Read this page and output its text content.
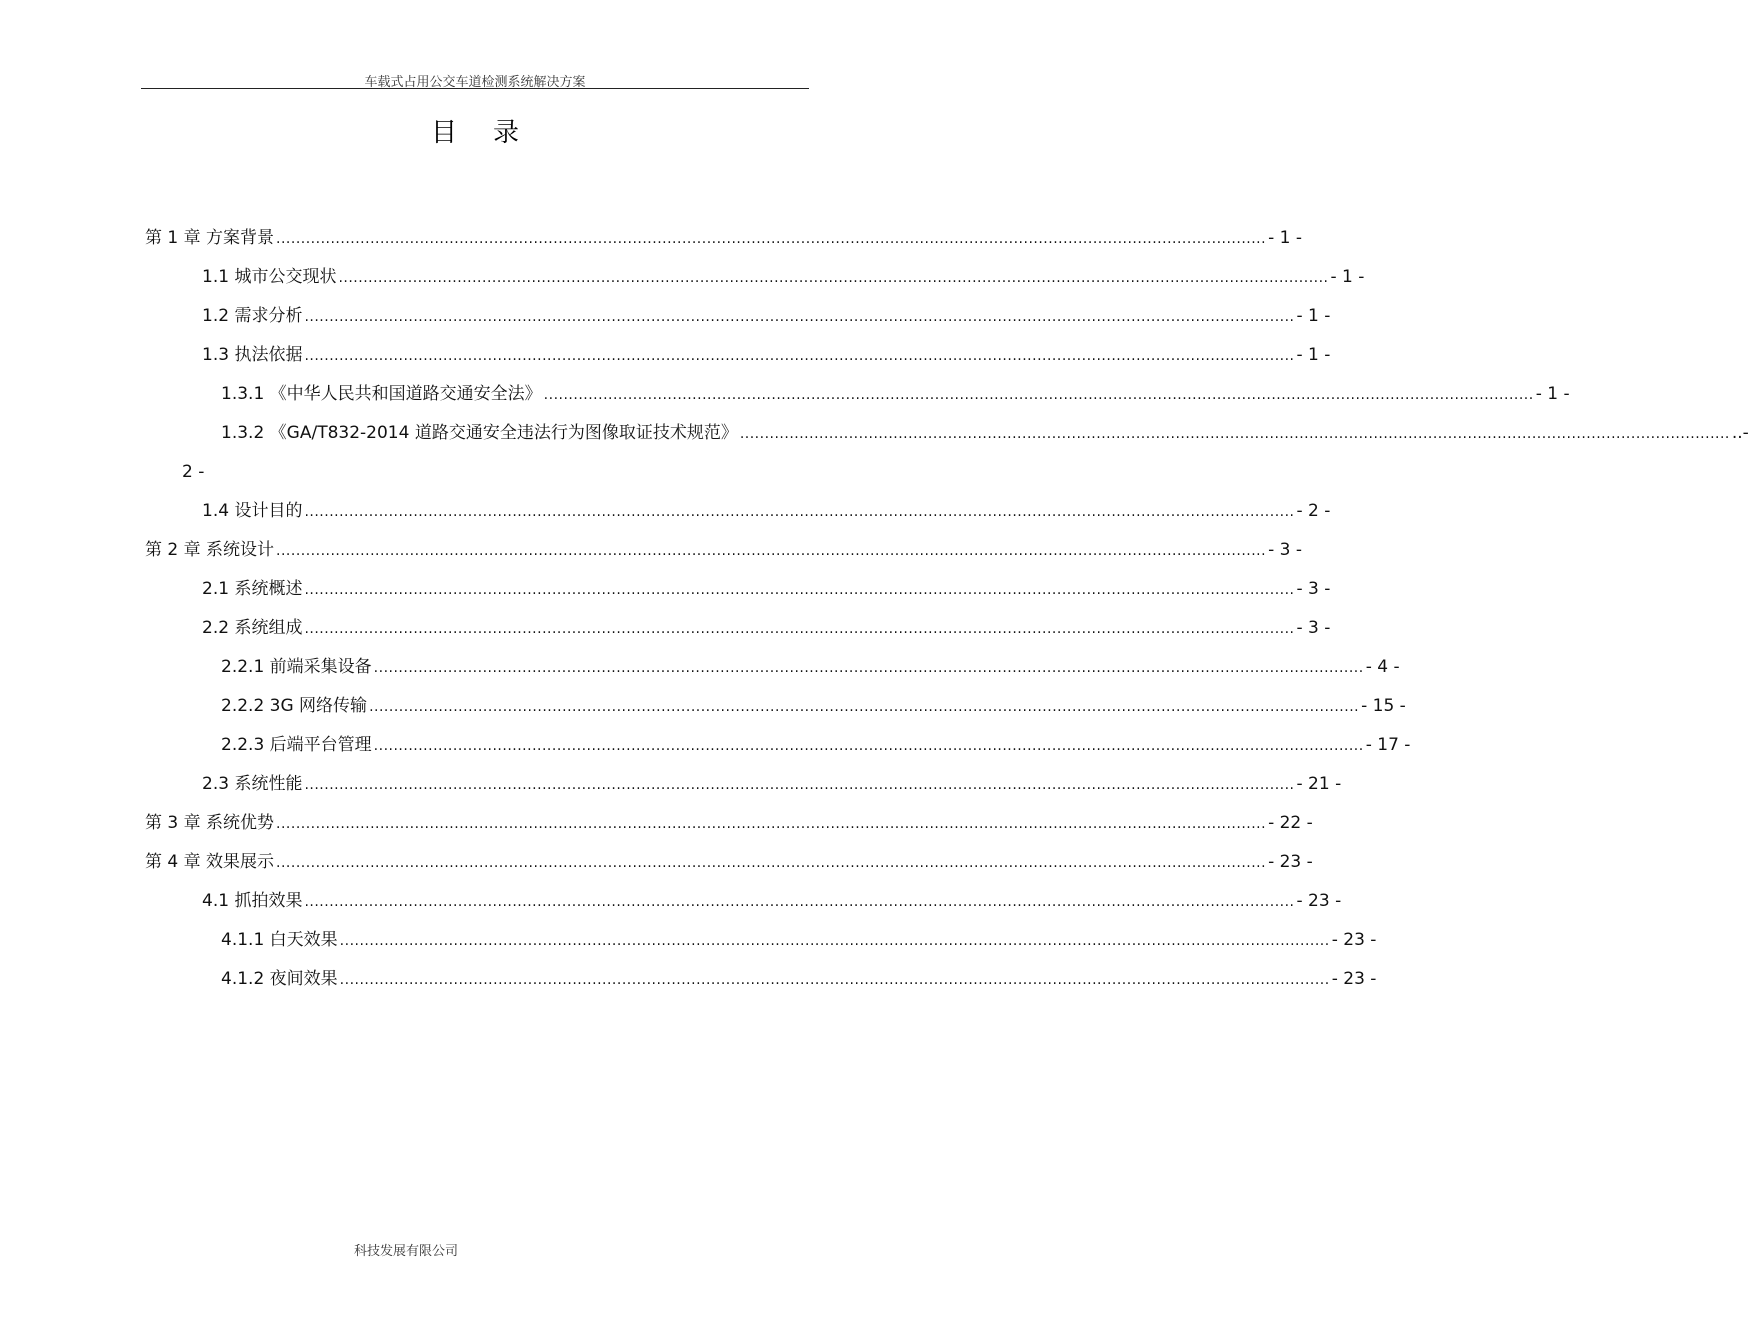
车载式占用公交车道检测系统解决方案
目录
第 1 章 方案背景 ........................................................................................................................................................................................................ - 1 -
1.1 城市公交现状 ........................................................................................................................................................................................................ - 1 -
1.2 需求分析 ........................................................................................................................................................................................................ - 1 -
1.3 执法依据 ........................................................................................................................................................................................................ - 1 -
1.3.1 《中华人民共和国道路交通安全法》 ........................................................................................................................................................................................................ - 1 -
1.3.2 《GA/T832-2014 道路交通安全违法行为图像取证技术规范》 ........................................................................................................................................................................................................ ..-
2 -
1.4 设计目的 ........................................................................................................................................................................................................ - 2 -
第 2 章 系统设计 ........................................................................................................................................................................................................ - 3 -
2.1 系统概述 ........................................................................................................................................................................................................ - 3 -
2.2 系统组成 ........................................................................................................................................................................................................ - 3 -
2.2.1 前端采集设备 ........................................................................................................................................................................................................ - 4 -
2.2.2 3G 网络传输 ........................................................................................................................................................................................................ - 15 -
2.2.3 后端平台管理 ........................................................................................................................................................................................................ - 17 -
2.3 系统性能 ........................................................................................................................................................................................................ - 21 -
第 3 章 系统优势 ........................................................................................................................................................................................................ - 22 -
第 4 章 效果展示 ........................................................................................................................................................................................................ - 23 -
4.1 抓拍效果 ........................................................................................................................................................................................................ - 23 -
4.1.1 白天效果 ........................................................................................................................................................................................................ - 23 -
4.1.2 夜间效果 ........................................................................................................................................................................................................ - 23 -
科技发展有限公司
